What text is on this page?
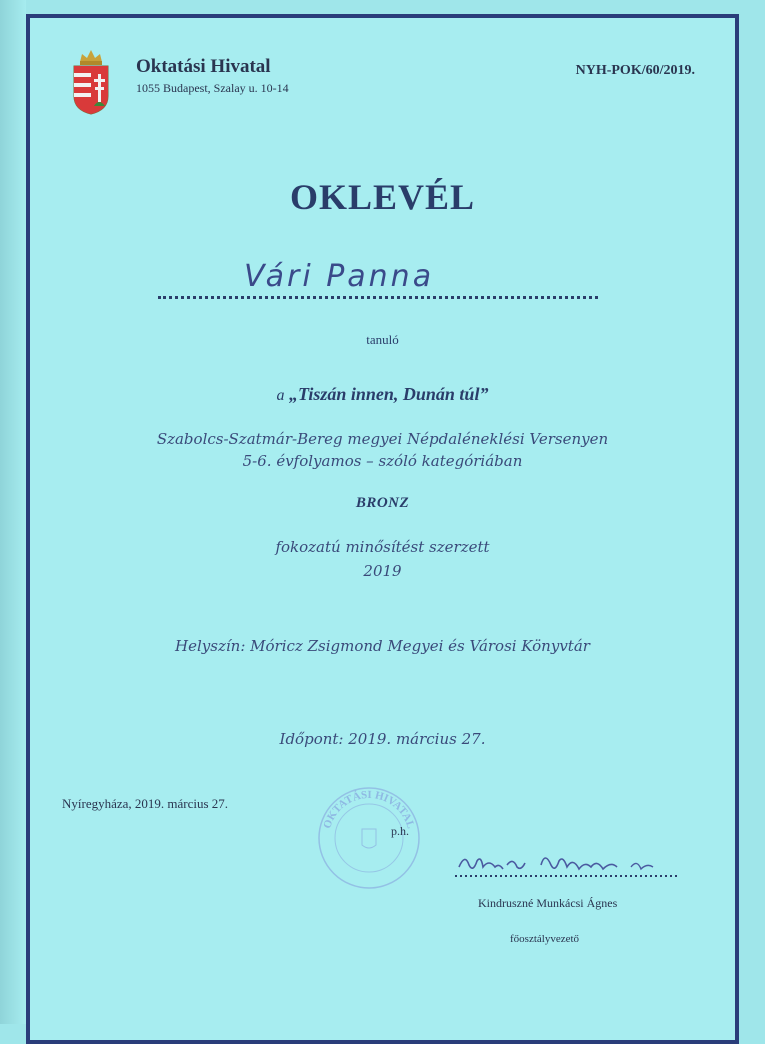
Oktatási Hivatal
1055 Budapest, Szalay u. 10-14
NYH-POK/60/2019.
OKLEVÉL
Vári Panna
tanuló
a „Tiszán innen, Dunán túl”
Szabolcs-Szatmár-Bereg megyei Népdaléneklési Versenyen
5-6. évfolyamos – szóló kategóriában
BRONZ
fokozatú minősítést szerzett
2019
Helyszín: Móricz Zsigmond Megyei és Városi Könyvtár
Időpont: 2019. március 27.
Nyíregyháza, 2019. március 27.
OKTATÁSI HIVATAL
p.h.
Kindruszné Munkácsi Ágnes
főosztályvezető
